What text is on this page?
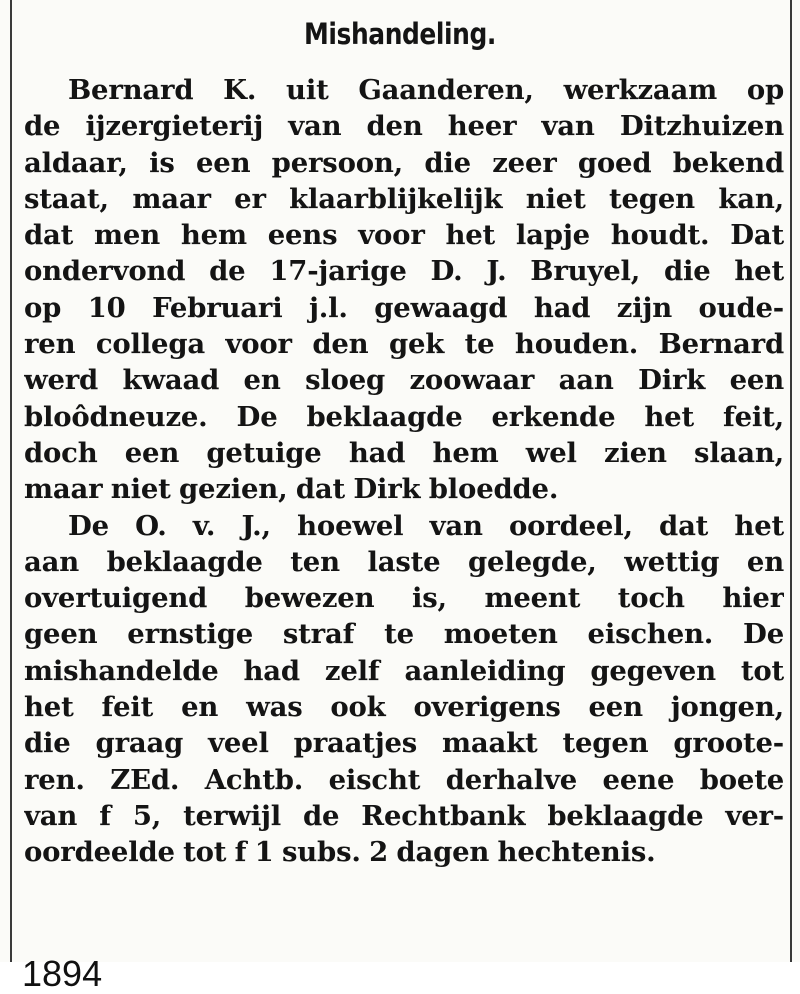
Mishandeling.
Bernard K. uit Gaanderen, werkzaam op
de ijzergieterij van den heer van Ditzhuizen
aldaar, is een persoon, die zeer goed bekend
staat, maar er klaarblijkelijk niet tegen kan,
dat men hem eens voor het lapje houdt. Dat
ondervond de 17-jarige D. J. Bruyel, die het
op 10 Februari j.l. gewaagd had zijn oude-
ren collega voor den gek te houden. Bernard
werd kwaad en sloeg zoowaar aan Dirk een
bloôdneuze. De beklaagde erkende het feit,
doch een getuige had hem wel zien slaan,
maar niet gezien, dat Dirk bloedde.
De O. v. J., hoewel van oordeel, dat het
aan beklaagde ten laste gelegde, wettig en
overtuigend bewezen is, meent toch hier
geen ernstige straf te moeten eischen. De
mishandelde had zelf aanleiding gegeven tot
het feit en was ook overigens een jongen,
die graag veel praatjes maakt tegen groote-
ren. ZEd. Achtb. eischt derhalve eene boete
van f 5, terwijl de Rechtbank beklaagde ver-
oordeelde tot f 1 subs. 2 dagen hechtenis.
1894
